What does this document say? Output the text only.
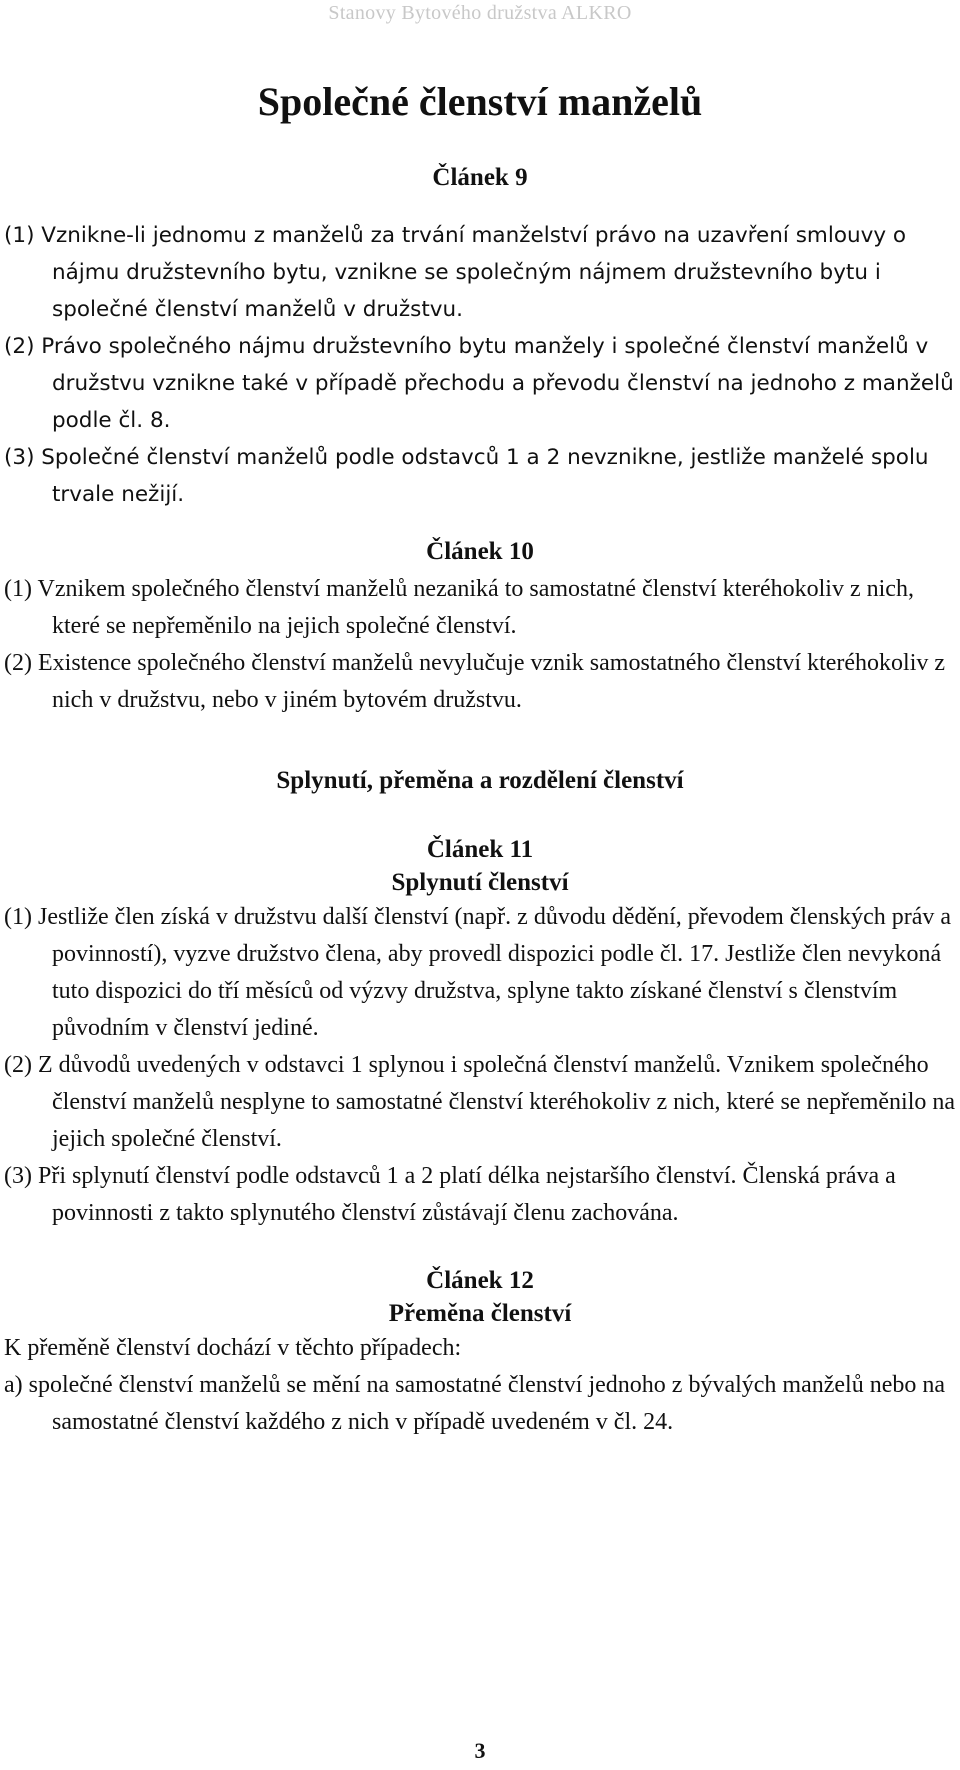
Stanovy Bytového družstva ALKRO
Společné členství manželů
Článek 9

(1) Vznikne-li jednomu z manželů za trvání manželství právo na uzavření smlouvy o nájmu družstevního bytu, vznikne se společným nájmem družstevního bytu i společné členství manželů v družstvu.

(2) Právo společného nájmu družstevního bytu manžely i společné členství manželů v družstvu vznikne také v případě přechodu a převodu členství na jednoho z manželů podle čl. 8.

(3) Společné členství manželů podle odstavců 1 a 2 nevznikne, jestliže manželé spolu trvale nežijí.

Článek 10

(1) Vznikem společného členství manželů nezaniká to samostatné členství kteréhokoliv z nich, které se nepřeměnilo na jejich společné členství.

(2) Existence společného členství manželů nevylučuje vznik samostatného členství kteréhokoliv z nich v družstvu, nebo v jiném bytovém družstvu.

Splynutí, přeměna a rozdělení členství
Článek 11
Splynutí členství

(1) Jestliže člen získá v družstvu další členství (např. z důvodu dědění, převodem členských práv a povinností), vyzve družstvo člena, aby provedl dispozici podle čl. 17. Jestliže člen nevykoná tuto dispozici do tří měsíců od výzvy družstva, splyne takto získané členství s členstvím původním v členství jediné.

(2) Z důvodů uvedených v odstavci 1 splynou i společná členství manželů. Vznikem společného členství manželů nesplyne to samostatné členství kteréhokoliv z nich, které se nepřeměnilo na jejich společné členství.

(3) Při splynutí členství podle odstavců 1 a 2 platí délka nejstaršího členství. Členská práva a povinnosti z takto splynutého členství zůstávají členu zachována.

Článek 12
Přeměna členství

K přeměně členství dochází v těchto případech:

a) společné členství manželů se mění na samostatné členství jednoho z bývalých manželů nebo na samostatné členství každého z nich v případě uvedeném v čl. 24.

3
